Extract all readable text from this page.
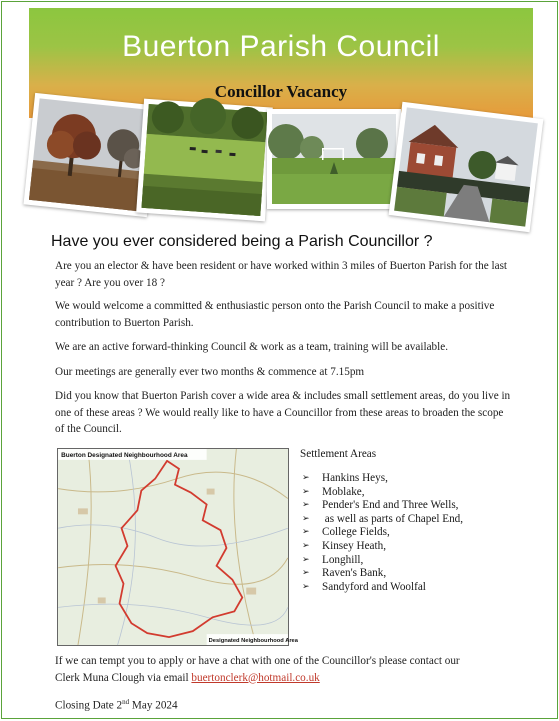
Buerton Parish Council
Concillor Vacancy
Have you ever considered being a Parish Councillor ?
Are you an elector & have been resident or have worked within 3 miles of Buerton Parish for the last year ? Are you over 18 ?
We would welcome a committed & enthusiastic person onto the Parish Council to make a positive contribution to Buerton Parish.
We are an active forward-thinking Council & work as a team, training will be available.
Our meetings are generally ever two months & commence at 7.15pm
Did you know that Buerton Parish cover a wide area & includes small settlement areas, do you live in one of these areas ? We would really like to have a Councillor from these areas to broaden the scope of the Council.
Buerton Designated Neighbourhood Area
Designated Neighbourhood Area
Settlement Areas
➢	Hankins Heys,
➢	Moblake,
➢	Pender's End and Three Wells,
➢	as well as parts of Chapel End,
➢	College Fields,
➢	Kinsey Heath,
➢	Longhill,
➢	Raven's Bank,
➢	Sandyford and Woolfal
If we can tempt you to apply or have a chat with one of the Councillor's please contact our
Clerk Muna Clough via email buertonclerk@hotmail.co.uk
Closing Date 2nd May 2024
